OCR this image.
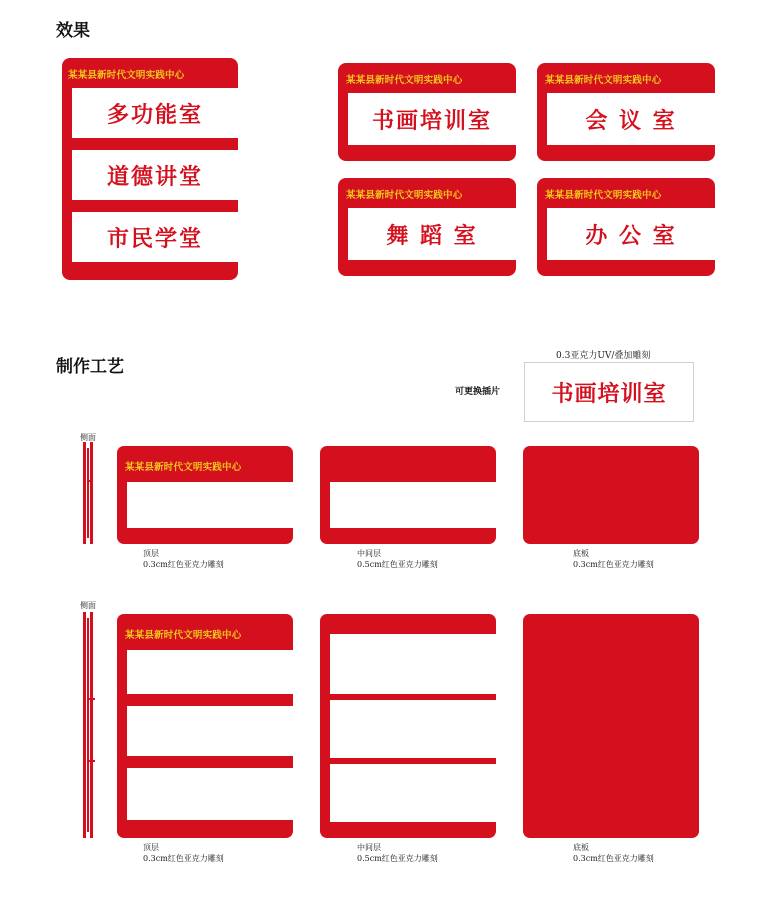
效果
制作工艺
某某县新时代文明实践中心
多功能室
道德讲堂
市民学堂
某某县新时代文明实践中心
书画培训室
某某县新时代文明实践中心
会 议 室
某某县新时代文明实践中心
舞 蹈 室
某某县新时代文明实践中心
办 公 室
0.3亚克力UV/叠加雕刻
可更换插片	书画培训室
侧面
某某县新时代文明实践中心
顶层
0.3cm红色亚克力雕刻
中间层
0.5cm红色亚克力雕刻
底板
0.3cm红色亚克力雕刻
侧面
某某县新时代文明实践中心
顶层
0.3cm红色亚克力雕刻
中间层
0.5cm红色亚克力雕刻
底板
0.3cm红色亚克力雕刻
